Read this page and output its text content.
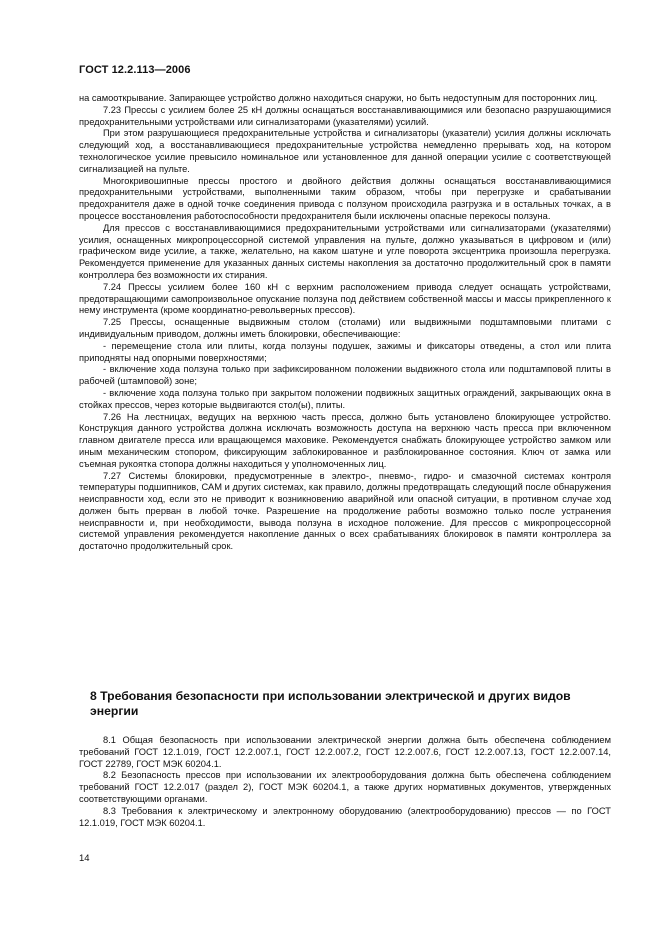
ГОСТ 12.2.113—2006

на самооткрывание. Запирающее устройство должно находиться снаружи, но быть недоступным для посторонних лиц.

7.23 Прессы с усилием более 25 кН должны оснащаться восстанавливающимися или безопасно разрушающимися предохранительными устройствами или сигнализаторами (указателями) усилий.

При этом разрушающиеся предохранительные устройства и сигнализаторы (указатели) усилия должны исключать следующий ход, а восстанавливающиеся предохранительные устройства немедленно прерывать ход, на котором технологическое усилие превысило номинальное или установленное для данной операции усилие с соответствующей сигнализацией на пульте.

Многокривошипные прессы простого и двойного действия должны оснащаться восстанавливающимися предохранительными устройствами, выполненными таким образом, чтобы при перегрузке и срабатывании предохранителя даже в одной точке соединения привода с ползуном происходила разгрузка и в остальных точках, а в процессе восстановления работоспособности предохранителя были исключены опасные перекосы ползуна.

Для прессов с восстанавливающимися предохранительными устройствами или сигнализаторами (указателями) усилия, оснащенных микропроцессорной системой управления на пульте, должно указываться в цифровом и (или) графическом виде усилие, а также, желательно, на каком шатуне и угле поворота эксцентрика произошла перегрузка. Рекомендуется применение для указанных данных системы накопления за достаточно продолжительный срок в памяти контроллера без возможности их стирания.

7.24 Прессы усилием более 160 кН с верхним расположением привода следует оснащать устройствами, предотвращающими самопроизвольное опускание ползуна под действием собственной массы и массы прикрепленного к нему инструмента (кроме координатно-револьверных прессов).

7.25 Прессы, оснащенные выдвижным столом (столами) или выдвижными подштамповыми плитами с индивидуальным приводом, должны иметь блокировки, обеспечивающие:

- перемещение стола или плиты, когда ползуны подушек, зажимы и фиксаторы отведены, а стол или плита приподняты над опорными поверхностями;

- включение хода ползуна только при зафиксированном положении выдвижного стола или подштамповой плиты в рабочей (штамповой) зоне;

- включение хода ползуна только при закрытом положении подвижных защитных ограждений, закрывающих окна в стойках прессов, через которые выдвигаются стол(ы), плиты.

7.26 На лестницах, ведущих на верхнюю часть пресса, должно быть установлено блокирующее устройство. Конструкция данного устройства должна исключать возможность доступа на верхнюю часть пресса при включенном главном двигателе пресса или вращающемся маховике. Рекомендуется снабжать блокирующее устройство замком или иным механическим стопором, фиксирующим заблокированное и разблокированное состояния. Ключ от замка или съемная рукоятка стопора должны находиться у уполномоченных лиц.

7.27 Системы блокировки, предусмотренные в электро-, пневмо-, гидро- и смазочной системах контроля температуры подшипников, САМ и других системах, как правило, должны предотвращать следующий после обнаружения неисправности ход, если это не приводит к возникновению аварийной или опасной ситуации, в противном случае ход должен быть прерван в любой точке. Разрешение на продолжение работы возможно только после устранения неисправности и, при необходимости, вывода ползуна в исходное положение. Для прессов с микропроцессорной системой управления рекомендуется накопление данных о всех срабатываниях блокировок в памяти контроллера за достаточно продолжительный срок.

8 Требования безопасности при использовании электрической и других видов энергии

8.1 Общая безопасность при использовании электрической энергии должна быть обеспечена соблюдением требований ГОСТ 12.1.019, ГОСТ 12.2.007.1, ГОСТ 12.2.007.2, ГОСТ 12.2.007.6, ГОСТ 12.2.007.13, ГОСТ 12.2.007.14, ГОСТ 22789, ГОСТ МЭК 60204.1.

8.2 Безопасность прессов при использовании их электрооборудования должна быть обеспечена соблюдением требований ГОСТ 12.2.017 (раздел 2), ГОСТ МЭК 60204.1, а также других нормативных документов, утвержденных соответствующими органами.

8.3 Требования к электрическому и электронному оборудованию (электрооборудованию) прессов — по ГОСТ 12.1.019, ГОСТ МЭК 60204.1.

14
